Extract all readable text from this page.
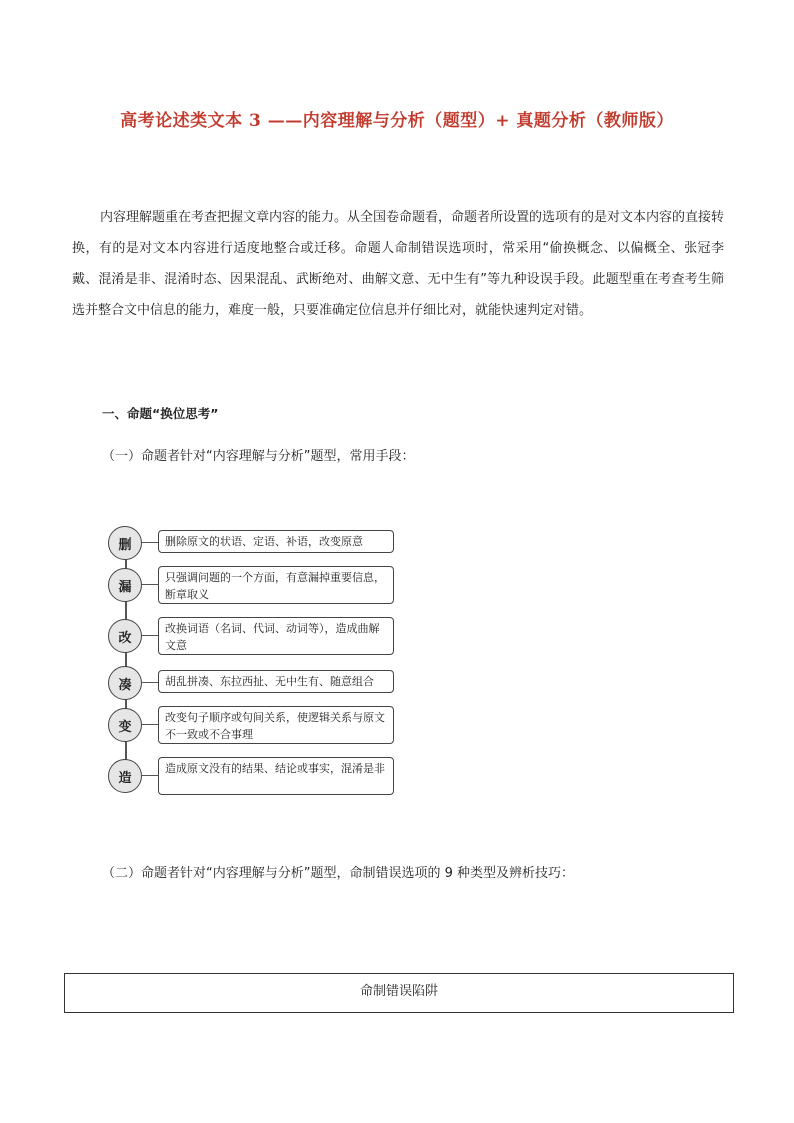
高考论述类文本 3 ——内容理解与分析（题型）+ 真题分析（教师版）
内容理解题重在考查把握文章内容的能力。从全国卷命题看，命题者所设置的选项有的是对文本内容的直接转换，有的是对文本内容进行适度地整合或迁移。命题人命制错误选项时，常采用“偷换概念、以偏概全、张冠李戴、混淆是非、混淆时态、因果混乱、武断绝对、曲解文意、无中生有”等九种设误手段。此题型重在考查考生筛选并整合文中信息的能力，难度一般，只要准确定位信息并仔细比对，就能快速判定对错。
一、命题“换位思考”
（一）命题者针对“内容理解与分析”题型，常用手段：
删	删除原文的状语、定语、补语，改变原意
漏
只强调问题的一个方面，有意漏掉重要信息，断章取义
改
改换词语（名词、代词、动词等），造成曲解文意
凑	胡乱拼凑、东拉西扯、无中生有、随意组合
变
改变句子顺序或句间关系，使逻辑关系与原文不一致或不合事理
造
造成原文没有的结果、结论或事实，混淆是非
（二）命题者针对“内容理解与分析”题型，命制错误选项的 9 种类型及辨析技巧：
命制错误陷阱
